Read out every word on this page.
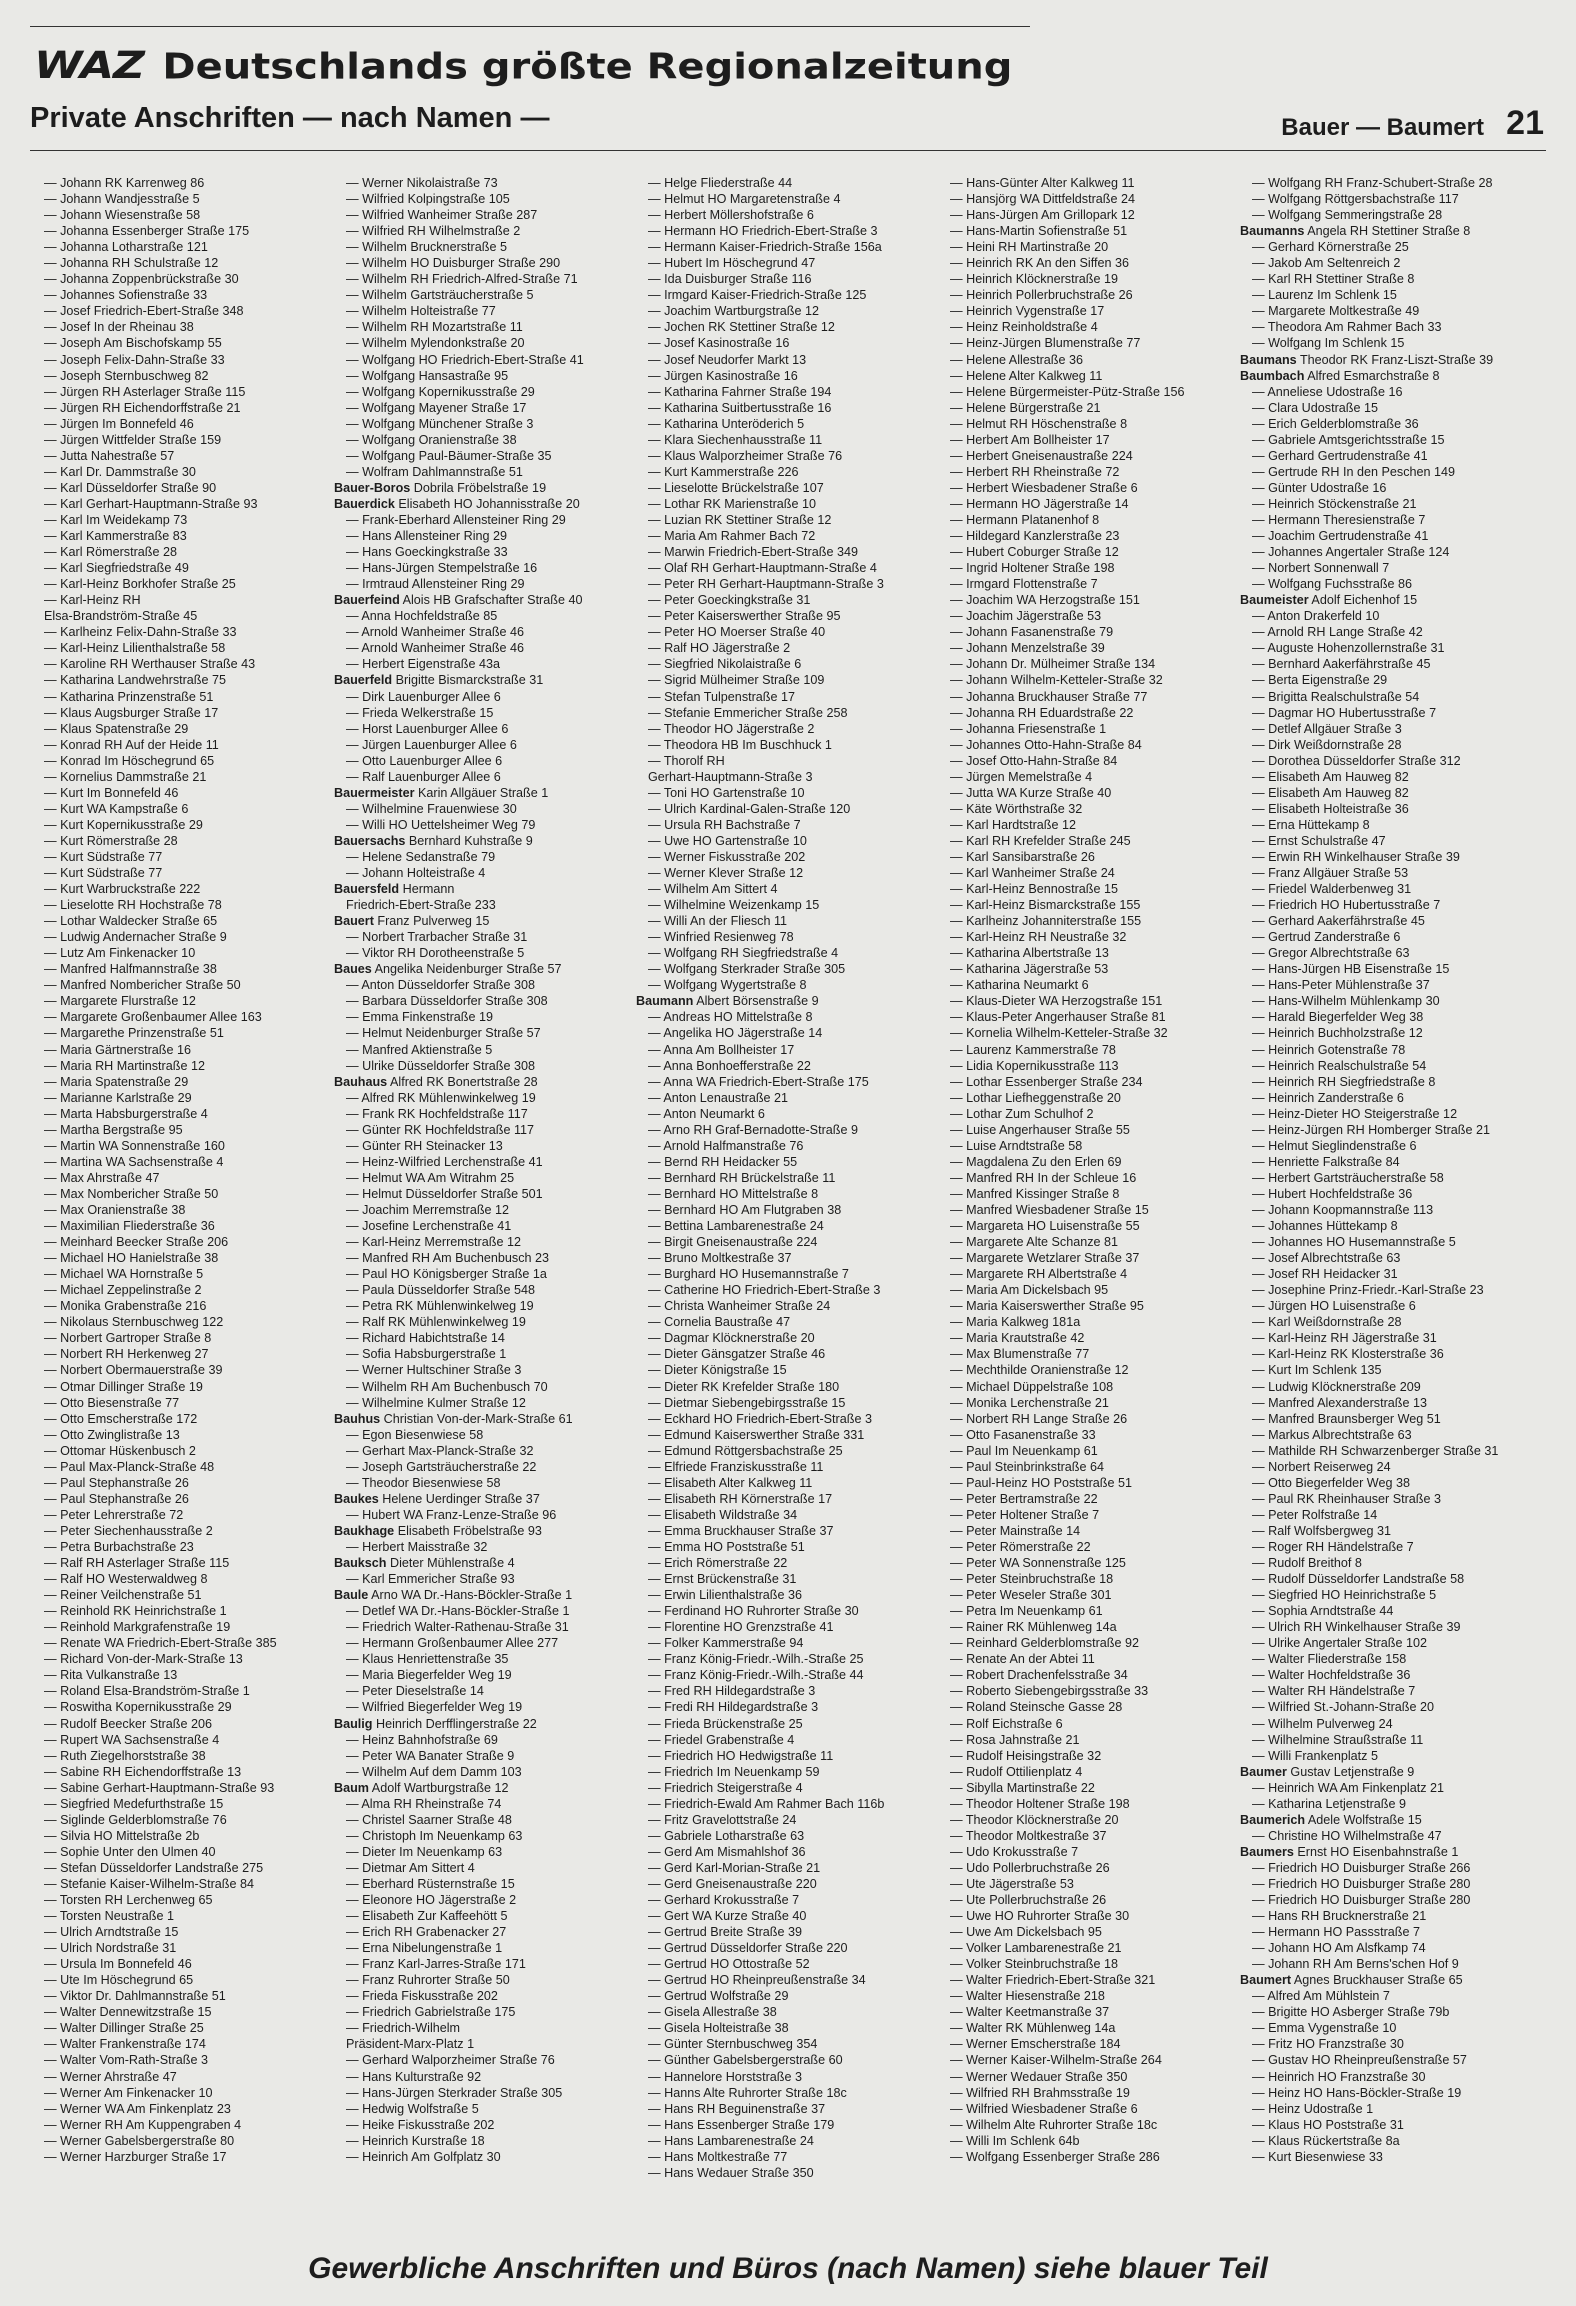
WAZ Deutschlands größte Regionalzeitung
Private Anschriften — nach Namen —	Bauer — Baumert 21
— Johann RK Karrenweg 86
— Johann Wandjesstraße 5
— Johann Wiesenstraße 58
— Johanna Essenberger Straße 175
— Johanna Lotharstraße 121
— Johanna RH Schulstraße 12
— Johanna Zoppenbrückstraße 30
— Johannes Sofienstraße 33
— Josef Friedrich-Ebert-Straße 348
— Josef In der Rheinau 38
— Joseph Am Bischofskamp 55
— Joseph Felix-Dahn-Straße 33
— Joseph Sternbuschweg 82
— Jürgen RH Asterlager Straße 115
— Jürgen RH Eichendorffstraße 21
— Jürgen Im Bonnefeld 46
— Jürgen Wittfelder Straße 159
— Jutta Nahestraße 57
— Karl Dr. Dammstraße 30
— Karl Düsseldorfer Straße 90
— Karl Gerhart-Hauptmann-Straße 93
— Karl Im Weidekamp 73
— Karl Kammerstraße 83
— Karl Römerstraße 28
— Karl Siegfriedstraße 49
— Karl-Heinz Borkhofer Straße 25
— Karl-Heinz RH
Elsa-Brandström-Straße 45
— Karlheinz Felix-Dahn-Straße 33
— Karl-Heinz Lilienthalstraße 58
— Karoline RH Werthauser Straße 43
— Katharina Landwehrstraße 75
— Katharina Prinzenstraße 51
— Klaus Augsburger Straße 17
— Klaus Spatenstraße 29
— Konrad RH Auf der Heide 11
— Konrad Im Höschegrund 65
— Kornelius Dammstraße 21
— Kurt Im Bonnefeld 46
— Kurt WA Kampstraße 6
— Kurt Kopernikusstraße 29
— Kurt Römerstraße 28
— Kurt Südstraße 77
— Kurt Südstraße 77
— Kurt Warbruckstraße 222
— Lieselotte RH Hochstraße 78
— Lothar Waldecker Straße 65
— Ludwig Andernacher Straße 9
— Lutz Am Finkenacker 10
— Manfred Halfmannstraße 38
— Manfred Nombericher Straße 50
— Margarete Flurstraße 12
— Margarete Großenbaumer Allee 163
— Margarethe Prinzenstraße 51
— Maria Gärtnerstraße 16
— Maria RH Martinstraße 12
— Maria Spatenstraße 29
— Marianne Karlstraße 29
— Marta Habsburgerstraße 4
— Martha Bergstraße 95
— Martin WA Sonnenstraße 160
— Martina WA Sachsenstraße 4
— Max Ahrstraße 47
— Max Nombericher Straße 50
— Max Oranienstraße 38
— Maximilian Fliederstraße 36
— Meinhard Beecker Straße 206
— Michael HO Hanielstraße 38
— Michael WA Hornstraße 5
— Michael Zeppelinstraße 2
— Monika Grabenstraße 216
— Nikolaus Sternbuschweg 122
— Norbert Gartroper Straße 8
— Norbert RH Herkenweg 27
— Norbert Obermauerstraße 39
— Otmar Dillinger Straße 19
— Otto Biesenstraße 77
— Otto Emscherstraße 172
— Otto Zwinglistraße 13
— Ottomar Hüskenbusch 2
— Paul Max-Planck-Straße 48
— Paul Stephanstraße 26
— Paul Stephanstraße 26
— Peter Lehrerstraße 72
— Peter Siechenhausstraße 2
— Petra Burbachstraße 23
— Ralf RH Asterlager Straße 115
— Ralf HO Westerwaldweg 8
— Reiner Veilchenstraße 51
— Reinhold RK Heinrichstraße 1
— Reinhold Markgrafenstraße 19
— Renate WA Friedrich-Ebert-Straße 385
— Richard Von-der-Mark-Straße 13
— Rita Vulkanstraße 13
— Roland Elsa-Brandström-Straße 1
— Roswitha Kopernikusstraße 29
— Rudolf Beecker Straße 206
— Rupert WA Sachsenstraße 4
— Ruth Ziegelhorststraße 38
— Sabine RH Eichendorffstraße 13
— Sabine Gerhart-Hauptmann-Straße 93
— Siegfried Medefurthstraße 15
— Siglinde Gelderblomstraße 76
— Silvia HO Mittelstraße 2b
— Sophie Unter den Ulmen 40
— Stefan Düsseldorfer Landstraße 275
— Stefanie Kaiser-Wilhelm-Straße 84
— Torsten RH Lerchenweg 65
— Torsten Neustraße 1
— Ulrich Arndtstraße 15
— Ulrich Nordstraße 31
— Ursula Im Bonnefeld 46
— Ute Im Höschegrund 65
— Viktor Dr. Dahlmannstraße 51
— Walter Dennewitzstraße 15
— Walter Dillinger Straße 25
— Walter Frankenstraße 174
— Walter Vom-Rath-Straße 3
— Werner Ahrstraße 47
— Werner Am Finkenacker 10
— Werner WA Am Finkenplatz 23
— Werner RH Am Kuppengraben 4
— Werner Gabelsbergerstraße 80
— Werner Harzburger Straße 17
— Werner Nikolaistraße 73
— Wilfried Kolpingstraße 105
— Wilfried Wanheimer Straße 287
— Wilfried RH Wilhelmstraße 2
— Wilhelm Brucknerstraße 5
— Wilhelm HO Duisburger Straße 290
— Wilhelm RH Friedrich-Alfred-Straße 71
— Wilhelm Gartsträucherstraße 5
— Wilhelm Holteistraße 77
— Wilhelm RH Mozartstraße 11
— Wilhelm Mylendonkstraße 20
— Wolfgang HO Friedrich-Ebert-Straße 41
— Wolfgang Hansastraße 95
— Wolfgang Kopernikusstraße 29
— Wolfgang Mayener Straße 17
— Wolfgang Münchener Straße 3
— Wolfgang Oranienstraße 38
— Wolfgang Paul-Bäumer-Straße 35
— Wolfram Dahlmannstraße 51
Bauer-Boros Dobrila Fröbelstraße 19
Bauerdick Elisabeth HO Johannisstraße 20
— Frank-Eberhard Allensteiner Ring 29
— Hans Allensteiner Ring 29
— Hans Goeckingkstraße 33
— Hans-Jürgen Stempelstraße 16
— Irmtraud Allensteiner Ring 29
Bauerfeind Alois HB Grafschafter Straße 40
— Anna Hochfeldstraße 85
— Arnold Wanheimer Straße 46
— Arnold Wanheimer Straße 46
— Herbert Eigenstraße 43a
Bauerfeld Brigitte Bismarckstraße 31
— Dirk Lauenburger Allee 6
— Frieda Welkerstraße 15
— Horst Lauenburger Allee 6
— Jürgen Lauenburger Allee 6
— Otto Lauenburger Allee 6
— Ralf Lauenburger Allee 6
Bauermeister Karin Allgäuer Straße 1
— Wilhelmine Frauenwiese 30
— Willi HO Uettelsheimer Weg 79
Bauersachs Bernhard Kuhstraße 9
— Helene Sedanstraße 79
— Johann Holteistraße 4
Bauersfeld Hermann
Friedrich-Ebert-Straße 233
Bauert Franz Pulverweg 15
— Norbert Trarbacher Straße 31
— Viktor RH Dorotheenstraße 5
Baues Angelika Neidenburger Straße 57
— Anton Düsseldorfer Straße 308
— Barbara Düsseldorfer Straße 308
— Emma Finkenstraße 19
— Helmut Neidenburger Straße 57
— Manfred Aktienstraße 5
— Ulrike Düsseldorfer Straße 308
Bauhaus Alfred RK Bonertstraße 28
— Alfred RK Mühlenwinkelweg 19
— Frank RK Hochfeldstraße 117
— Günter RK Hochfeldstraße 117
— Günter RH Steinacker 13
— Heinz-Wilfried Lerchenstraße 41
— Helmut WA Am Witrahm 25
— Helmut Düsseldorfer Straße 501
— Joachim Merremstraße 12
— Josefine Lerchenstraße 41
— Karl-Heinz Merremstraße 12
— Manfred RH Am Buchenbusch 23
— Paul HO Königsberger Straße 1a
— Paula Düsseldorfer Straße 548
— Petra RK Mühlenwinkelweg 19
— Ralf RK Mühlenwinkelweg 19
— Richard Habichtstraße 14
— Sofia Habsburgerstraße 1
— Werner Hultschiner Straße 3
— Wilhelm RH Am Buchenbusch 70
— Wilhelmine Kulmer Straße 12
Bauhus Christian Von-der-Mark-Straße 61
— Egon Biesenwiese 58
— Gerhart Max-Planck-Straße 32
— Joseph Gartsträucherstraße 22
— Theodor Biesenwiese 58
Baukes Helene Uerdinger Straße 37
— Hubert WA Franz-Lenze-Straße 96
Baukhage Elisabeth Fröbelstraße 93
— Herbert Maisstraße 32
Bauksch Dieter Mühlenstraße 4
— Karl Emmericher Straße 93
Baule Arno WA Dr.-Hans-Böckler-Straße 1
— Detlef WA Dr.-Hans-Böckler-Straße 1
— Friedrich Walter-Rathenau-Straße 31
— Hermann Großenbaumer Allee 277
— Klaus Henriettenstraße 35
— Maria Biegerfelder Weg 19
— Peter Dieselstraße 14
— Wilfried Biegerfelder Weg 19
Baulig Heinrich Derfflingerstraße 22
— Heinz Bahnhofstraße 69
— Peter WA Banater Straße 9
— Wilhelm Auf dem Damm 103
Baum Adolf Wartburgstraße 12
— Alma RH Rheinstraße 74
— Christel Saarner Straße 48
— Christoph Im Neuenkamp 63
— Dieter Im Neuenkamp 63
— Dietmar Am Sittert 4
— Eberhard Rüsternstraße 15
— Eleonore HO Jägerstraße 2
— Elisabeth Zur Kaffeehött 5
— Erich RH Grabenacker 27
— Erna Nibelungenstraße 1
— Franz Karl-Jarres-Straße 171
— Franz Ruhrorter Straße 50
— Frieda Fiskusstraße 202
— Friedrich Gabrielstraße 175
— Friedrich-Wilhelm
Präsident-Marx-Platz 1
— Gerhard Walporzheimer Straße 76
— Hans Kulturstraße 92
— Hans-Jürgen Sterkrader Straße 305
— Hedwig Wolfstraße 5
— Heike Fiskusstraße 202
— Heinrich Kurstraße 18
— Heinrich Am Golfplatz 30
— Helge Fliederstraße 44
— Helmut HO Margaretenstraße 4
— Herbert Möllershofstraße 6
— Hermann HO Friedrich-Ebert-Straße 3
— Hermann Kaiser-Friedrich-Straße 156a
— Hubert Im Höschegrund 47
— Ida Duisburger Straße 116
— Irmgard Kaiser-Friedrich-Straße 125
— Joachim Wartburgstraße 12
— Jochen RK Stettiner Straße 12
— Josef Kasinostraße 16
— Josef Neudorfer Markt 13
— Jürgen Kasinostraße 16
— Katharina Fahrner Straße 194
— Katharina Suitbertusstraße 16
— Katharina Unteröderich 5
— Klara Siechenhausstraße 11
— Klaus Walporzheimer Straße 76
— Kurt Kammerstraße 226
— Lieselotte Brückelstraße 107
— Lothar RK Marienstraße 10
— Luzian RK Stettiner Straße 12
— Maria Am Rahmer Bach 72
— Marwin Friedrich-Ebert-Straße 349
— Olaf RH Gerhart-Hauptmann-Straße 4
— Peter RH Gerhart-Hauptmann-Straße 3
— Peter Goeckingkstraße 31
— Peter Kaiserswerther Straße 95
— Peter HO Moerser Straße 40
— Ralf HO Jägerstraße 2
— Siegfried Nikolaistraße 6
— Sigrid Mülheimer Straße 109
— Stefan Tulpenstraße 17
— Stefanie Emmericher Straße 258
— Theodor HO Jägerstraße 2
— Theodora HB Im Buschhuck 1
— Thorolf RH
Gerhart-Hauptmann-Straße 3
— Toni HO Gartenstraße 10
— Ulrich Kardinal-Galen-Straße 120
— Ursula RH Bachstraße 7
— Uwe HO Gartenstraße 10
— Werner Fiskusstraße 202
— Werner Klever Straße 12
— Wilhelm Am Sittert 4
— Wilhelmine Weizenkamp 15
— Willi An der Fliesch 11
— Winfried Resienweg 78
— Wolfgang RH Siegfriedstraße 4
— Wolfgang Sterkrader Straße 305
— Wolfgang Wygertstraße 8
Baumann Albert Börsenstraße 9
— Andreas HO Mittelstraße 8
— Angelika HO Jägerstraße 14
— Anna Am Bollheister 17
— Anna Bonhoefferstraße 22
— Anna WA Friedrich-Ebert-Straße 175
— Anton Lenaustraße 21
— Anton Neumarkt 6
— Arno RH Graf-Bernadotte-Straße 9
— Arnold Halfmanstraße 76
— Bernd RH Heidacker 55
— Bernhard RH Brückelstraße 11
— Bernhard HO Mittelstraße 8
— Bernhard HO Am Flutgraben 38
— Bettina Lambarenestraße 24
— Birgit Gneisenaustraße 224
— Bruno Moltkestraße 37
— Burghard HO Husemannstraße 7
— Catherine HO Friedrich-Ebert-Straße 3
— Christa Wanheimer Straße 24
— Cornelia Baustraße 47
— Dagmar Klöcknerstraße 20
— Dieter Gänsgatzer Straße 46
— Dieter Königstraße 15
— Dieter RK Krefelder Straße 180
— Dietmar Siebengebirgsstraße 15
— Eckhard HO Friedrich-Ebert-Straße 3
— Edmund Kaiserswerther Straße 331
— Edmund Röttgersbachstraße 25
— Elfriede Franziskusstraße 11
— Elisabeth Alter Kalkweg 11
— Elisabeth RH Körnerstraße 17
— Elisabeth Wildstraße 34
— Emma Bruckhauser Straße 37
— Emma HO Poststraße 51
— Erich Römerstraße 22
— Ernst Brückenstraße 31
— Erwin Lilienthalstraße 36
— Ferdinand HO Ruhrorter Straße 30
— Florentine HO Grenzstraße 41
— Folker Kammerstraße 94
— Franz König-Friedr.-Wilh.-Straße 25
— Franz König-Friedr.-Wilh.-Straße 44
— Fred RH Hildegardstraße 3
— Fredi RH Hildegardstraße 3
— Frieda Brückenstraße 25
— Friedel Grabenstraße 4
— Friedrich HO Hedwigstraße 11
— Friedrich Im Neuenkamp 59
— Friedrich Steigerstraße 4
— Friedrich-Ewald Am Rahmer Bach 116b
— Fritz Gravelottstraße 24
— Gabriele Lotharstraße 63
— Gerd Am Mismahlshof 36
— Gerd Karl-Morian-Straße 21
— Gerd Gneisenaustraße 220
— Gerhard Krokusstraße 7
— Gert WA Kurze Straße 40
— Gertrud Breite Straße 39
— Gertrud Düsseldorfer Straße 220
— Gertrud HO Ottostraße 52
— Gertrud HO Rheinpreußenstraße 34
— Gertrud Wolfstraße 29
— Gisela Allestraße 38
— Gisela Holteistraße 38
— Günter Sternbuschweg 354
— Günther Gabelsbergerstraße 60
— Hannelore Horststraße 3
— Hanns Alte Ruhrorter Straße 18c
— Hans RH Beguinenstraße 37
— Hans Essenberger Straße 179
— Hans Lambarenestraße 24
— Hans Moltkestraße 77
— Hans Wedauer Straße 350
— Hans-Günter Alter Kalkweg 11
— Hansjörg WA Dittfeldstraße 24
— Hans-Jürgen Am Grillopark 12
— Hans-Martin Sofienstraße 51
— Heini RH Martinstraße 20
— Heinrich RK An den Siffen 36
— Heinrich Klöcknerstraße 19
— Heinrich Pollerbruchstraße 26
— Heinrich Vygenstraße 17
— Heinz Reinholdstraße 4
— Heinz-Jürgen Blumenstraße 77
— Helene Allestraße 36
— Helene Alter Kalkweg 11
— Helene Bürgermeister-Pütz-Straße 156
— Helene Bürgerstraße 21
— Helmut RH Höschenstraße 8
— Herbert Am Bollheister 17
— Herbert Gneisenaustraße 224
— Herbert RH Rheinstraße 72
— Herbert Wiesbadener Straße 6
— Hermann HO Jägerstraße 14
— Hermann Platanenhof 8
— Hildegard Kanzlerstraße 23
— Hubert Coburger Straße 12
— Ingrid Holtener Straße 198
— Irmgard Flottenstraße 7
— Joachim WA Herzogstraße 151
— Joachim Jägerstraße 53
— Johann Fasanenstraße 79
— Johann Menzelstraße 39
— Johann Dr. Mülheimer Straße 134
— Johann Wilhelm-Ketteler-Straße 32
— Johanna Bruckhauser Straße 77
— Johanna RH Eduardstraße 22
— Johanna Friesenstraße 1
— Johannes Otto-Hahn-Straße 84
— Josef Otto-Hahn-Straße 84
— Jürgen Memelstraße 4
— Jutta WA Kurze Straße 40
— Käte Wörthstraße 32
— Karl Hardtstraße 12
— Karl RH Krefelder Straße 245
— Karl Sansibarstraße 26
— Karl Wanheimer Straße 24
— Karl-Heinz Bennostraße 15
— Karl-Heinz Bismarckstraße 155
— Karlheinz Johanniterstraße 155
— Karl-Heinz RH Neustraße 32
— Katharina Albertstraße 13
— Katharina Jägerstraße 53
— Katharina Neumarkt 6
— Klaus-Dieter WA Herzogstraße 151
— Klaus-Peter Angerhauser Straße 81
— Kornelia Wilhelm-Ketteler-Straße 32
— Laurenz Kammerstraße 78
— Lidia Kopernikusstraße 113
— Lothar Essenberger Straße 234
— Lothar Liefheggenstraße 20
— Lothar Zum Schulhof 2
— Luise Angerhauser Straße 55
— Luise Arndtstraße 58
— Magdalena Zu den Erlen 69
— Manfred RH In der Schleue 16
— Manfred Kissinger Straße 8
— Manfred Wiesbadener Straße 15
— Margareta HO Luisenstraße 55
— Margarete Alte Schanze 81
— Margarete Wetzlarer Straße 37
— Margarete RH Albertstraße 4
— Maria Am Dickelsbach 95
— Maria Kaiserswerther Straße 95
— Maria Kalkweg 181a
— Maria Krautstraße 42
— Max Blumenstraße 77
— Mechthilde Oranienstraße 12
— Michael Düppelstraße 108
— Monika Lerchenstraße 21
— Norbert RH Lange Straße 26
— Otto Fasanenstraße 33
— Paul Im Neuenkamp 61
— Paul Steinbrinkstraße 64
— Paul-Heinz HO Poststraße 51
— Peter Bertramstraße 22
— Peter Holtener Straße 7
— Peter Mainstraße 14
— Peter Römerstraße 22
— Peter WA Sonnenstraße 125
— Peter Steinbruchstraße 18
— Peter Weseler Straße 301
— Petra Im Neuenkamp 61
— Rainer RK Mühlenweg 14a
— Reinhard Gelderblomstraße 92
— Renate An der Abtei 11
— Robert Drachenfelsstraße 34
— Roberto Siebengebirgsstraße 33
— Roland Steinsche Gasse 28
— Rolf Eichstraße 6
— Rosa Jahnstraße 21
— Rudolf Heisingstraße 32
— Rudolf Ottilienplatz 4
— Sibylla Martinstraße 22
— Theodor Holtener Straße 198
— Theodor Klöcknerstraße 20
— Theodor Moltkestraße 37
— Udo Krokusstraße 7
— Udo Pollerbruchstraße 26
— Ute Jägerstraße 53
— Ute Pollerbruchstraße 26
— Uwe HO Ruhrorter Straße 30
— Uwe Am Dickelsbach 95
— Volker Lambarenestraße 21
— Volker Steinbruchstraße 18
— Walter Friedrich-Ebert-Straße 321
— Walter Hiesenstraße 218
— Walter Keetmanstraße 37
— Walter RK Mühlenweg 14a
— Werner Emscherstraße 184
— Werner Kaiser-Wilhelm-Straße 264
— Werner Wedauer Straße 350
— Wilfried RH Brahmsstraße 19
— Wilfried Wiesbadener Straße 6
— Wilhelm Alte Ruhrorter Straße 18c
— Willi Im Schlenk 64b
— Wolfgang Essenberger Straße 286
— Wolfgang RH Franz-Schubert-Straße 28
— Wolfgang Röttgersbachstraße 117
— Wolfgang Semmeringstraße 28
Baumanns Angela RH Stettiner Straße 8
— Gerhard Körnerstraße 25
— Jakob Am Seltenreich 2
— Karl RH Stettiner Straße 8
— Laurenz Im Schlenk 15
— Margarete Moltkestraße 49
— Theodora Am Rahmer Bach 33
— Wolfgang Im Schlenk 15
Baumans Theodor RK Franz-Liszt-Straße 39
Baumbach Alfred Esmarchstraße 8
— Anneliese Udostraße 16
— Clara Udostraße 15
— Erich Gelderblomstraße 36
— Gabriele Amtsgerichtsstraße 15
— Gerhard Gertrudenstraße 41
— Gertrude RH In den Peschen 149
— Günter Udostraße 16
— Heinrich Stöckenstraße 21
— Hermann Theresienstraße 7
— Joachim Gertrudenstraße 41
— Johannes Angertaler Straße 124
— Norbert Sonnenwall 7
— Wolfgang Fuchsstraße 86
Baumeister Adolf Eichenhof 15
— Anton Drakerfeld 10
— Arnold RH Lange Straße 42
— Auguste Hohenzollernstraße 31
— Bernhard Aakerfährstraße 45
— Berta Eigenstraße 29
— Brigitta Realschulstraße 54
— Dagmar HO Hubertusstraße 7
— Detlef Allgäuer Straße 3
— Dirk Weißdornstraße 28
— Dorothea Düsseldorfer Straße 312
— Elisabeth Am Hauweg 82
— Elisabeth Am Hauweg 82
— Elisabeth Holteistraße 36
— Erna Hüttekamp 8
— Ernst Schulstraße 47
— Erwin RH Winkelhauser Straße 39
— Franz Allgäuer Straße 53
— Friedel Walderbenweg 31
— Friedrich HO Hubertusstraße 7
— Gerhard Aakerfährstraße 45
— Gertrud Zanderstraße 6
— Gregor Albrechtstraße 63
— Hans-Jürgen HB Eisenstraße 15
— Hans-Peter Mühlenstraße 37
— Hans-Wilhelm Mühlenkamp 30
— Harald Biegerfelder Weg 38
— Heinrich Buchholzstraße 12
— Heinrich Gotenstraße 78
— Heinrich Realschulstraße 54
— Heinrich RH Siegfriedstraße 8
— Heinrich Zanderstraße 6
— Heinz-Dieter HO Steigerstraße 12
— Heinz-Jürgen RH Homberger Straße 21
— Helmut Sieglindenstraße 6
— Henriette Falkstraße 84
— Herbert Gartsträucherstraße 58
— Hubert Hochfeldstraße 36
— Johann Koopmannstraße 113
— Johannes Hüttekamp 8
— Johannes HO Husemannstraße 5
— Josef Albrechtstraße 63
— Josef RH Heidacker 31
— Josephine Prinz-Friedr.-Karl-Straße 23
— Jürgen HO Luisenstraße 6
— Karl Weißdornstraße 28
— Karl-Heinz RH Jägerstraße 31
— Karl-Heinz RK Klosterstraße 36
— Kurt Im Schlenk 135
— Ludwig Klöcknerstraße 209
— Manfred Alexanderstraße 13
— Manfred Braunsberger Weg 51
— Markus Albrechtstraße 63
— Mathilde RH Schwarzenberger Straße 31
— Norbert Reiserweg 24
— Otto Biegerfelder Weg 38
— Paul RK Rheinhauser Straße 3
— Peter Rolfstraße 14
— Ralf Wolfsbergweg 31
— Roger RH Händelstraße 7
— Rudolf Breithof 8
— Rudolf Düsseldorfer Landstraße 58
— Siegfried HO Heinrichstraße 5
— Sophia Arndtstraße 44
— Ulrich RH Winkelhauser Straße 39
— Ulrike Angertaler Straße 102
— Walter Fliederstraße 158
— Walter Hochfeldstraße 36
— Walter RH Händelstraße 7
— Wilfried St.-Johann-Straße 20
— Wilhelm Pulverweg 24
— Wilhelmine Straußstraße 11
— Willi Frankenplatz 5
Baumer Gustav Letjenstraße 9
— Heinrich WA Am Finkenplatz 21
— Katharina Letjenstraße 9
Baumerich Adele Wolfstraße 15
— Christine HO Wilhelmstraße 47
Baumers Ernst HO Eisenbahnstraße 1
— Friedrich HO Duisburger Straße 266
— Friedrich HO Duisburger Straße 280
— Friedrich HO Duisburger Straße 280
— Hans RH Brucknerstraße 21
— Hermann HO Passstraße 7
— Johann HO Am Alsfkamp 74
— Johann RH Am Berns'schen Hof 9
Baumert Agnes Bruckhauser Straße 65
— Alfred Am Mühlstein 7
— Brigitte HO Asberger Straße 79b
— Emma Vygenstraße 10
— Fritz HO Franzstraße 30
— Gustav HO Rheinpreußenstraße 57
— Heinrich HO Franzstraße 30
— Heinz HO Hans-Böckler-Straße 19
— Heinz Udostraße 1
— Klaus HO Poststraße 31
— Klaus Rückertstraße 8a
— Kurt Biesenwiese 33
Gewerbliche Anschriften und Büros (nach Namen) siehe blauer Teil
